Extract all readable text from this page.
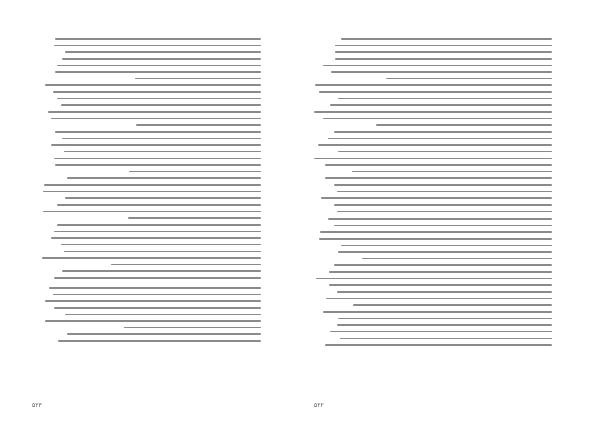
۵۲۳	۵۲۲
